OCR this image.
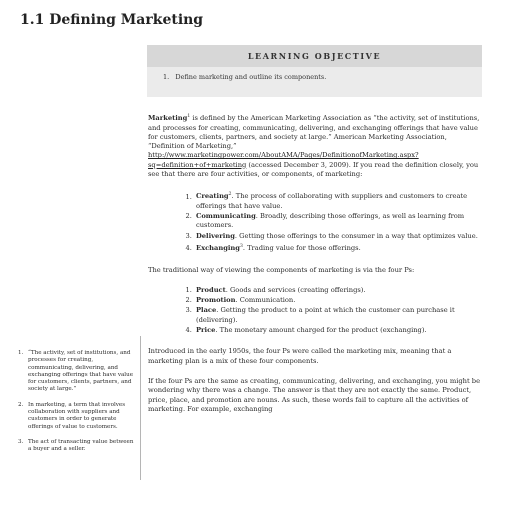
1.1 Defining Marketing
LEARNING OBJECTIVE
1. Define marketing and outline its components.

Marketing$^1$ is defined by the American Marketing Association as “the activity, set of institutions, and processes for creating, communicating, delivering, and exchanging offerings that have value for customers, clients, partners, and society at large.” American Marketing Association, “Definition of Marketing,” http://www.marketingpower.com/AboutAMA/Pages/DefinitionofMarketing.aspx?sq=definition+of+marketing (accessed December 3, 2009). If you read the definition closely, you see that there are four activities, or components, of marketing:

1. Creating$^2$. The process of collaborating with suppliers and customers to create offerings that have value.
2. Communicating. Broadly, describing those offerings, as well as learning from customers.
3. Delivering. Getting those offerings to the consumer in a way that optimizes value.
4. Exchanging$^3$. Trading value for those offerings.

The traditional way of viewing the components of marketing is via the four Ps:

1. Product. Goods and services (creating offerings).
2. Promotion. Communication.
3. Place. Getting the product to a point at which the customer can purchase it (delivering).
4. Price. The monetary amount charged for the product (exchanging).

Introduced in the early 1950s, the four Ps were called the marketing mix, meaning that a marketing plan is a mix of these four components.

If the four Ps are the same as creating, communicating, delivering, and exchanging, you might be wondering why there was a change. The answer is that they are not exactly the same. Product, price, place, and promotion are nouns. As such, these words fail to capture all the activities of marketing. For example, exchanging

1. “The activity, set of institutions, and processes for creating, communicating, delivering, and exchanging offerings that have value for customers, clients, partners, and society at large.”
2. In marketing, a term that involves collaboration with suppliers and customers in order to generate offerings of value to customers.
3. The act of transacting value between a buyer and a seller.
